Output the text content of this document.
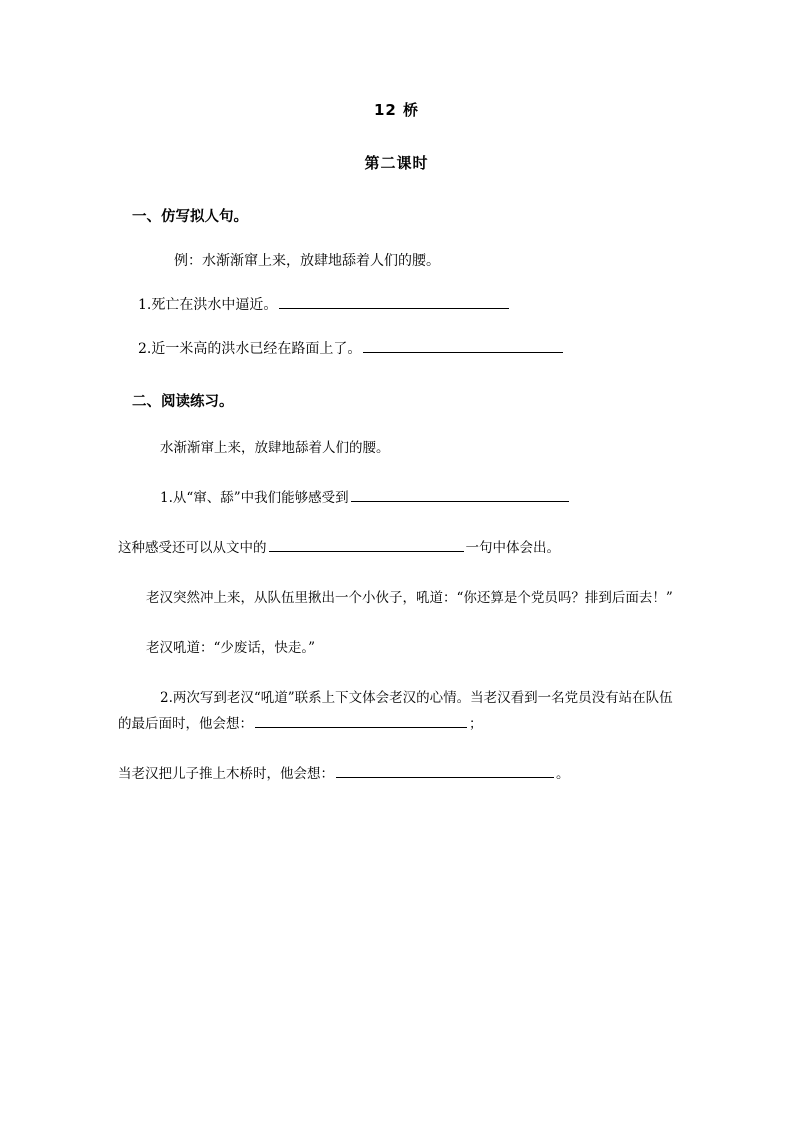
12 桥
第二课时
一、仿写拟人句。
例：水渐渐窜上来，放肆地舔着人们的腰。
1.死亡在洪水中逼近。
2.近一米高的洪水已经在路面上了。
二、阅读练习。
水渐渐窜上来，放肆地舔着人们的腰。
1.从“窜、舔”中我们能够感受到
这种感受还可以从文中的	一句中体会出。
老汉突然冲上来，从队伍里揪出一个小伙子，吼道：“你还算是个党员吗？排到后面去！”
老汉吼道：“少废话，快走。”
2.两次写到老汉“吼道”联系上下文体会老汉的心情。当老汉看到一名党员没有站在队伍的最后面时，他会想：	；
当老汉把儿子推上木桥时，他会想：	。
